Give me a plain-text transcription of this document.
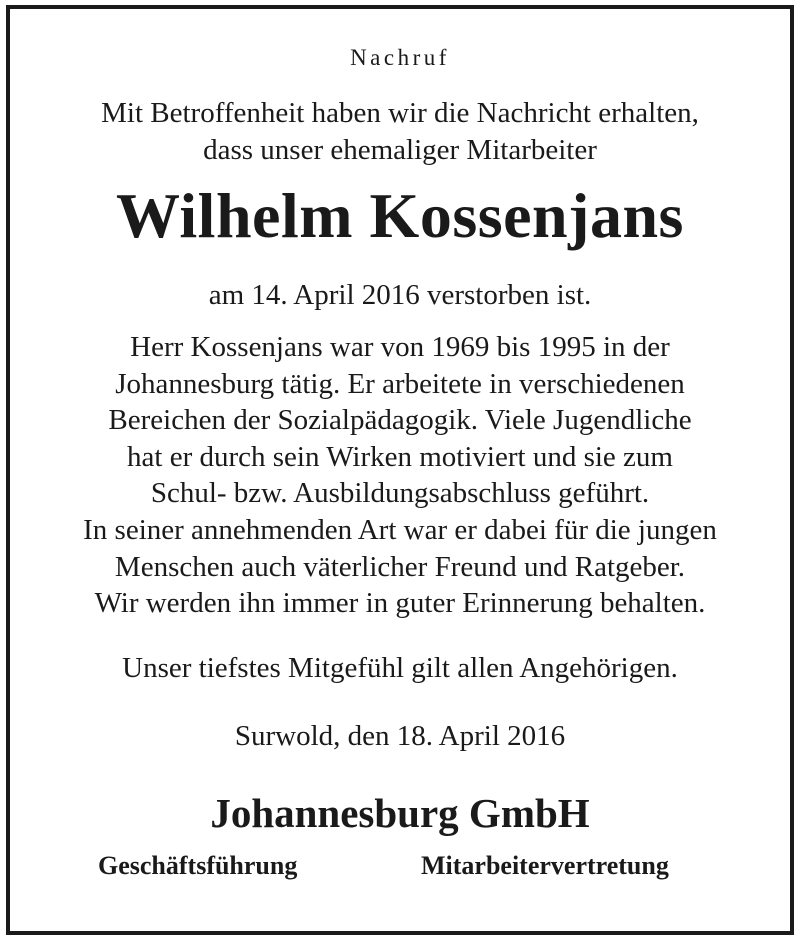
Nachruf
Mit Betroffenheit haben wir die Nachricht erhalten,
dass unser ehemaliger Mitarbeiter
Wilhelm Kossenjans
am 14. April 2016 verstorben ist.
Herr Kossenjans war von 1969 bis 1995 in der
Johannesburg tätig. Er arbeitete in verschiedenen
Bereichen der Sozialpädagogik. Viele Jugendliche
hat er durch sein Wirken motiviert und sie zum
Schul- bzw. Ausbildungsabschluss geführt.
In seiner annehmenden Art war er dabei für die jungen
Menschen auch väterlicher Freund und Ratgeber.
Wir werden ihn immer in guter Erinnerung behalten.
Unser tiefstes Mitgefühl gilt allen Angehörigen.
Surwold, den 18. April 2016
Johannesburg GmbH
Geschäftsführung	Mitarbeitervertretung
